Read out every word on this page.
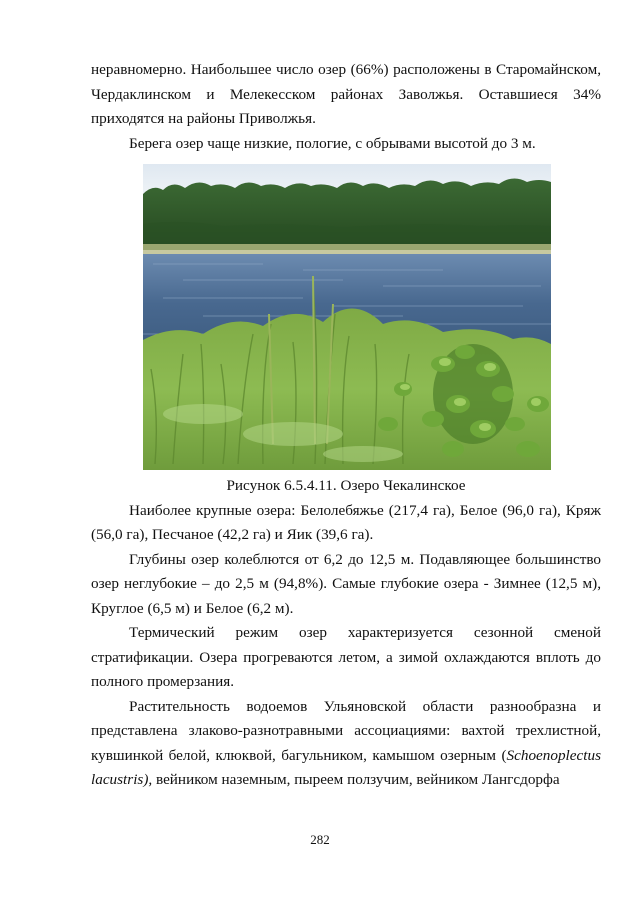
неравномерно. Наибольшее число озер (66%) расположены в Старомайнском, Чердаклинском и Мелекесском районах Заволжья. Оставшиеся 34% приходятся на районы Приволжья.

Берега озер чаще низкие, пологие, с обрывами высотой до 3 м.

Рисунок 6.5.4.11. Озеро Чекалинское

Наиболее крупные озера: Белолебяжье (217,4 га), Белое (96,0 га), Кряж (56,0 га), Песчаное (42,2 га) и Яик (39,6 га).

Глубины озер колеблются от 6,2 до 12,5 м. Подавляющее большинство озер неглубокие – до 2,5 м (94,8%). Самые глубокие озера - Зимнее (12,5 м), Круглое (6,5 м) и Белое (6,2 м).

Термический режим озер характеризуется сезонной сменой стратификации. Озера прогреваются летом, а зимой охлаждаются вплоть до полного промерзания.

Растительность водоемов Ульяновской области разнообразна и представлена злаково-разнотравными ассоциациями: вахтой трехлистной, кувшинкой белой, клюквой, багульником, камышом озерным (Schoenoplectus lacustris), вейником наземным, пыреем ползучим, вейником Лангсдорфа

282
